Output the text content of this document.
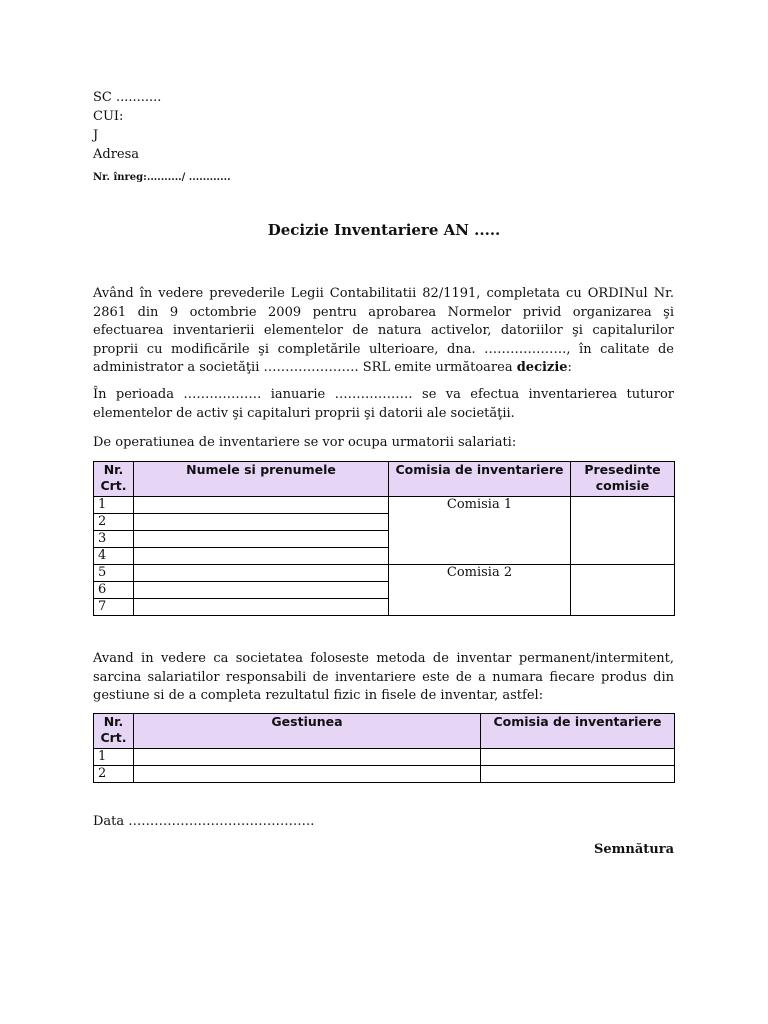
SC ...........
CUI:
J
Adresa
Nr. înreg:........../ ............
Decizie Inventariere AN .....
Având în vedere prevederile Legii Contabilitatii 82/1191, completata cu ORDINul Nr. 2861 din 9 octombrie 2009 pentru aprobarea Normelor privid organizarea şi efectuarea inventarierii elementelor de natura activelor, datoriilor şi capitalurilor proprii cu modificările şi completările ulterioare, dna. ………………., în calitate de administrator a societăţii …………………. SRL emite următoarea decizie:
În perioada ……………… ianuarie ……………… se va efectua inventarierea tuturor elementelor de activ şi capitaluri proprii şi datorii ale societăţii.
De operatiunea de inventariere se vor ocupa urmatorii salariati:
Nr. Crt.	Numele si prenumele	Comisia de inventariere	Presedinte comisie
1		Comisia 1	
2			
3			
4			
5		Comisia 2	
6			
7			
Avand in vedere ca societatea foloseste metoda de inventar permanent/intermitent, sarcina salariatilor responsabili de inventariere este de a numara fiecare produs din gestiune si de a completa rezultatul fizic in fisele de inventar, astfel:
Nr. Crt.	Gestiunea	Comisia de inventariere
1		
2		
Data …………………………………….
Semnătura
